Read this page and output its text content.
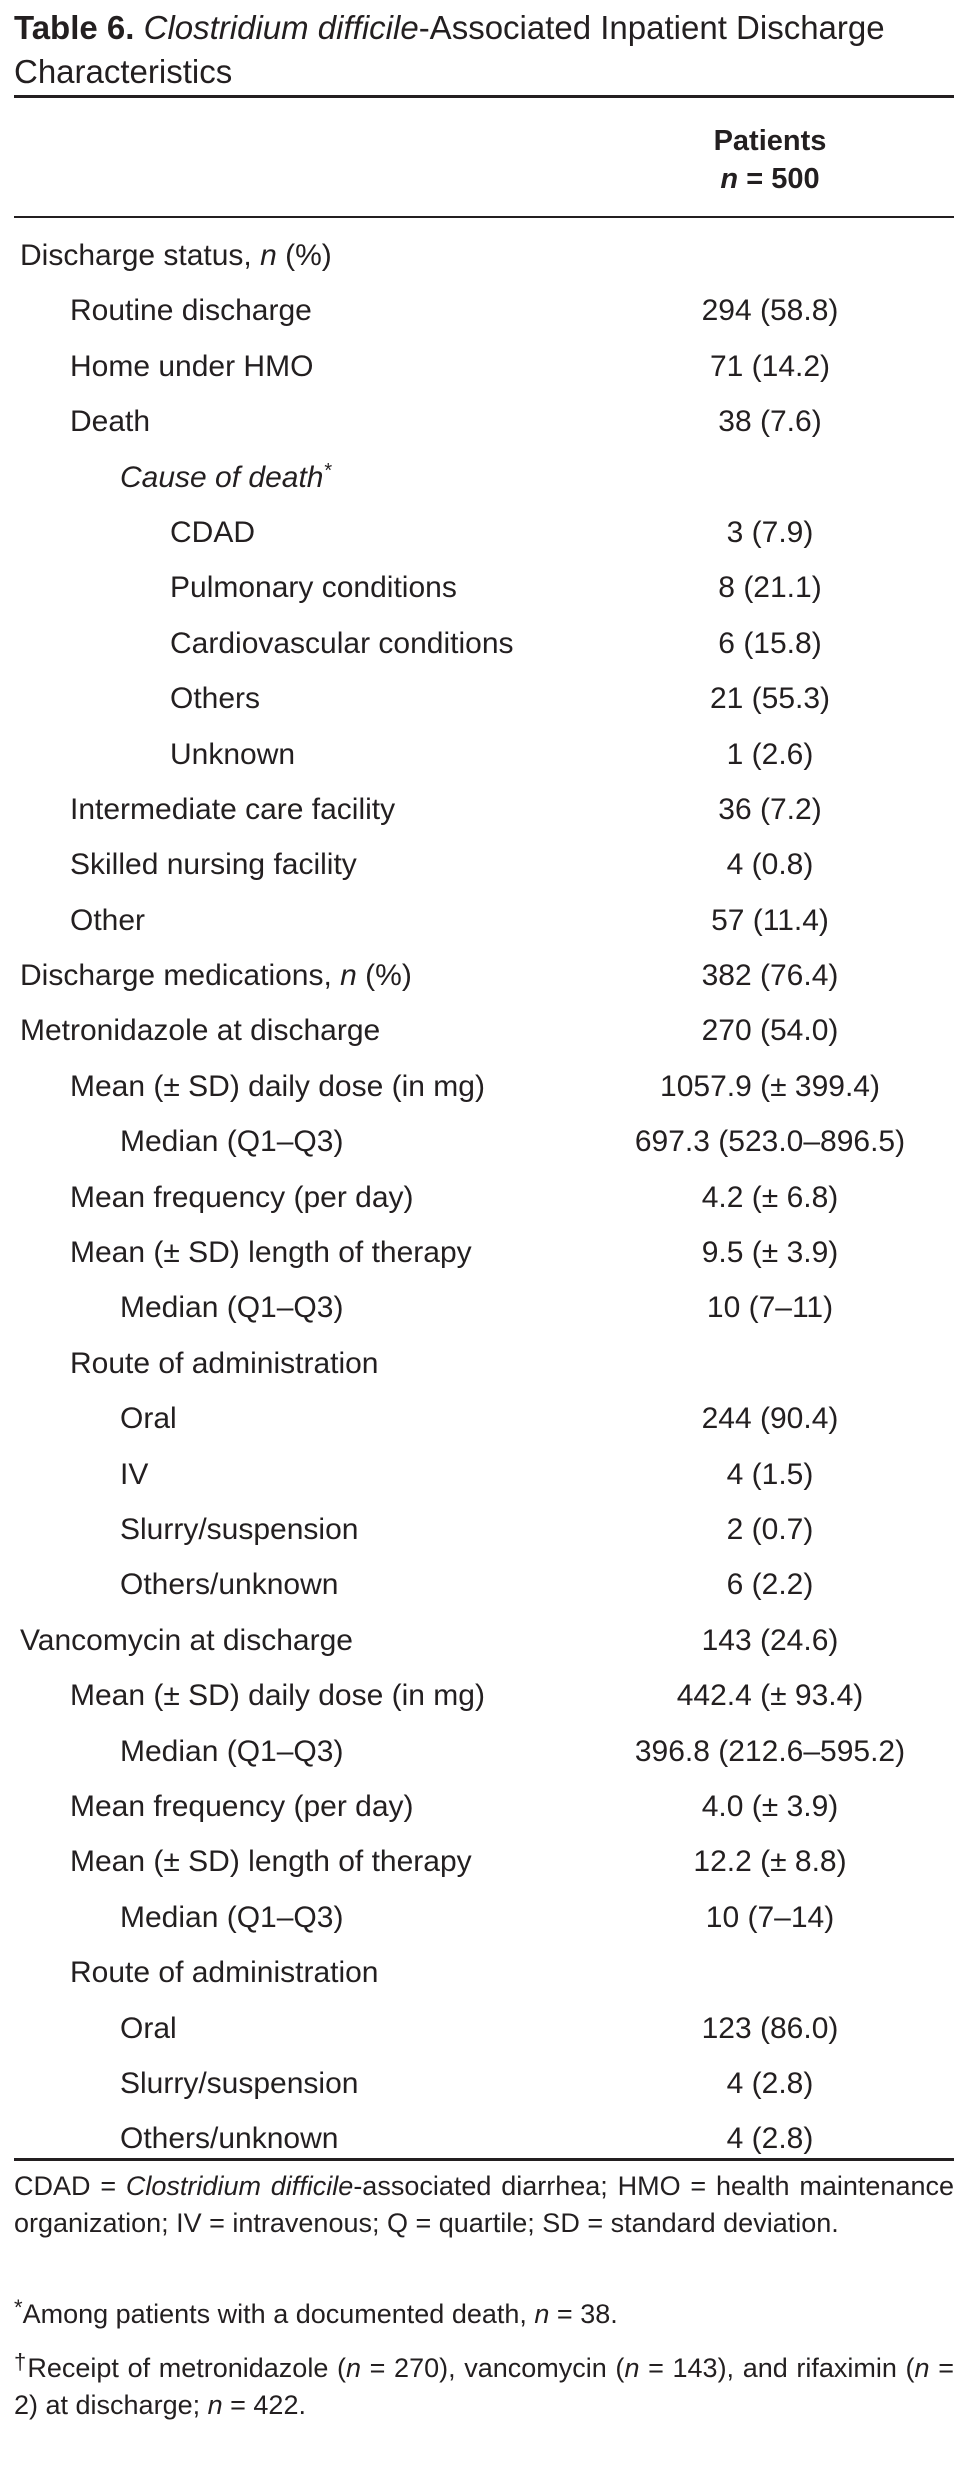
Table 6. Clostridium difficile-Associated Inpatient Discharge Characteristics
Patients
n = 500
Discharge status, n (%)
Routine discharge	294 (58.8)
Home under HMO	71 (14.2)
Death	38 (7.6)
Cause of death*
CDAD	3 (7.9)
Pulmonary conditions	8 (21.1)
Cardiovascular conditions	6 (15.8)
Others	21 (55.3)
Unknown	1 (2.6)
Intermediate care facility	36 (7.2)
Skilled nursing facility	4 (0.8)
Other	57 (11.4)
Discharge medications, n (%)	382 (76.4)
Metronidazole at discharge	270 (54.0)
Mean (± SD) daily dose (in mg)	1057.9 (± 399.4)
Median (Q1–Q3)	697.3 (523.0–896.5)
Mean frequency (per day)	4.2 (± 6.8)
Mean (± SD) length of therapy	9.5 (± 3.9)
Median (Q1–Q3)	10 (7–11)
Route of administration
Oral	244 (90.4)
IV	4 (1.5)
Slurry/suspension	2 (0.7)
Others/unknown	6 (2.2)
Vancomycin at discharge	143 (24.6)
Mean (± SD) daily dose (in mg)	442.4 (± 93.4)
Median (Q1–Q3)	396.8 (212.6–595.2)
Mean frequency (per day)	4.0 (± 3.9)
Mean (± SD) length of therapy	12.2 (± 8.8)
Median (Q1–Q3)	10 (7–14)
Route of administration
Oral	123 (86.0)
Slurry/suspension	4 (2.8)
Others/unknown	4 (2.8)
CDAD = Clostridium difficile-associated diarrhea; HMO = health maintenance organization; IV = intravenous; Q = quartile; SD = standard deviation.
*Among patients with a documented death, n = 38.
†Receipt of metronidazole (n = 270), vancomycin (n = 143), and rifaximin (n = 2) at discharge; n = 422.
